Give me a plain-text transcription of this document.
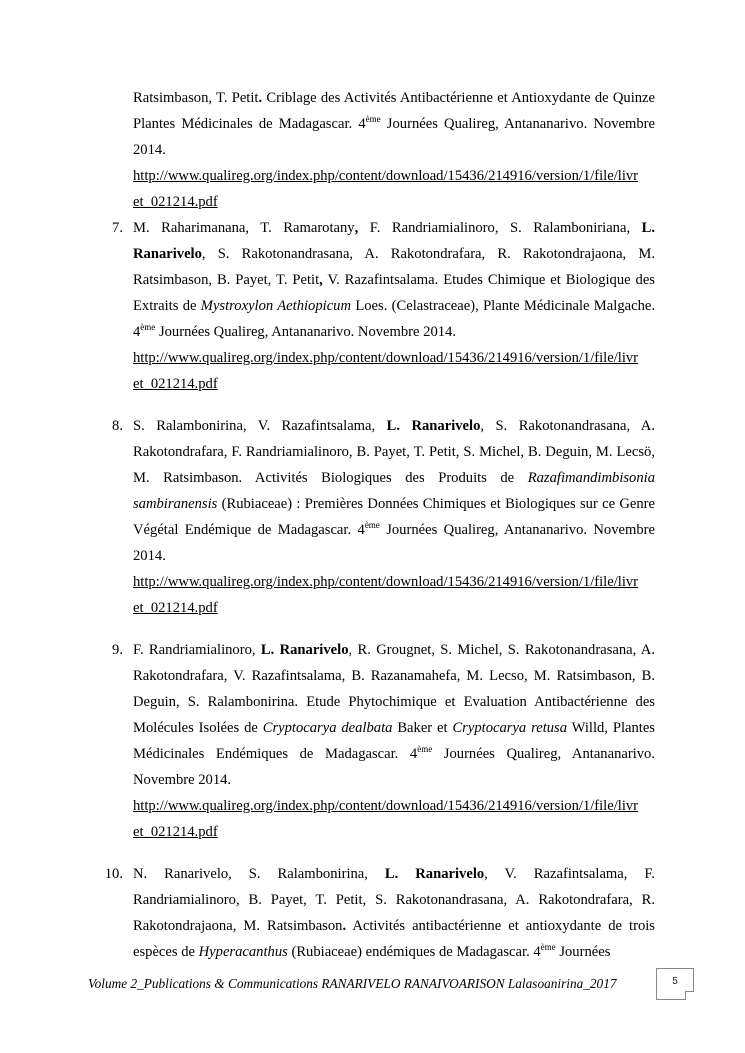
Ratsimbason, T. Petit. Criblage des Activités Antibactérienne et Antioxydante de Quinze Plantes Médicinales de Madagascar. 4ème Journées Qualireg, Antananarivo. Novembre 2014.
http://www.qualireg.org/index.php/content/download/15436/214916/version/1/file/livr
et_021214.pdf
7. M. Raharimanana, T. Ramarotany, F. Randriamialinoro, S. Ralamboniriana, L. Ranarivelo, S. Rakotonandrasana, A. Rakotondrafara, R. Rakotondrajaona, M. Ratsimbason, B. Payet, T. Petit, V. Razafintsalama. Etudes Chimique et Biologique des Extraits de Mystroxylon Aethiopicum Loes. (Celastraceae), Plante Médicinale Malgache. 4ème Journées Qualireg, Antananarivo. Novembre 2014.
http://www.qualireg.org/index.php/content/download/15436/214916/version/1/file/livr
et_021214.pdf
8. S. Ralambonirina, V. Razafintsalama, L. Ranarivelo, S. Rakotonandrasana, A. Rakotondrafara, F. Randriamialinoro, B. Payet, T. Petit, S. Michel, B. Deguin, M. Lecsö, M. Ratsimbason. Activités Biologiques des Produits de Razafimandimbisonia sambiranensis (Rubiaceae) : Premières Données Chimiques et Biologiques sur ce Genre Végétal Endémique de Madagascar. 4ème Journées Qualireg, Antananarivo. Novembre 2014.
http://www.qualireg.org/index.php/content/download/15436/214916/version/1/file/livr
et_021214.pdf
9. F. Randriamialinoro, L. Ranarivelo, R. Grougnet, S. Michel, S. Rakotonandrasana, A. Rakotondrafara, V. Razafintsalama, B. Razanamahefa, M. Lecso, M. Ratsimbason, B. Deguin, S. Ralambonirina. Etude Phytochimique et Evaluation Antibactérienne des Molécules Isolées de Cryptocarya dealbata Baker et Cryptocarya retusa Willd, Plantes Médicinales Endémiques de Madagascar. 4ème Journées Qualireg, Antananarivo. Novembre 2014.
http://www.qualireg.org/index.php/content/download/15436/214916/version/1/file/livr
et_021214.pdf
10. N. Ranarivelo, S. Ralambonirina, L. Ranarivelo, V. Razafintsalama, F. Randriamialinoro, B. Payet, T. Petit, S. Rakotonandrasana, A. Rakotondrafara, R. Rakotondrajaona, M. Ratsimbason. Activités antibactérienne et antioxydante de trois espèces de Hyperacanthus (Rubiaceae) endémiques de Madagascar. 4ème Journées
Volume 2_Publications & Communications RANARIVELO RANAIVOARISON Lalasoanirina_2017	5
